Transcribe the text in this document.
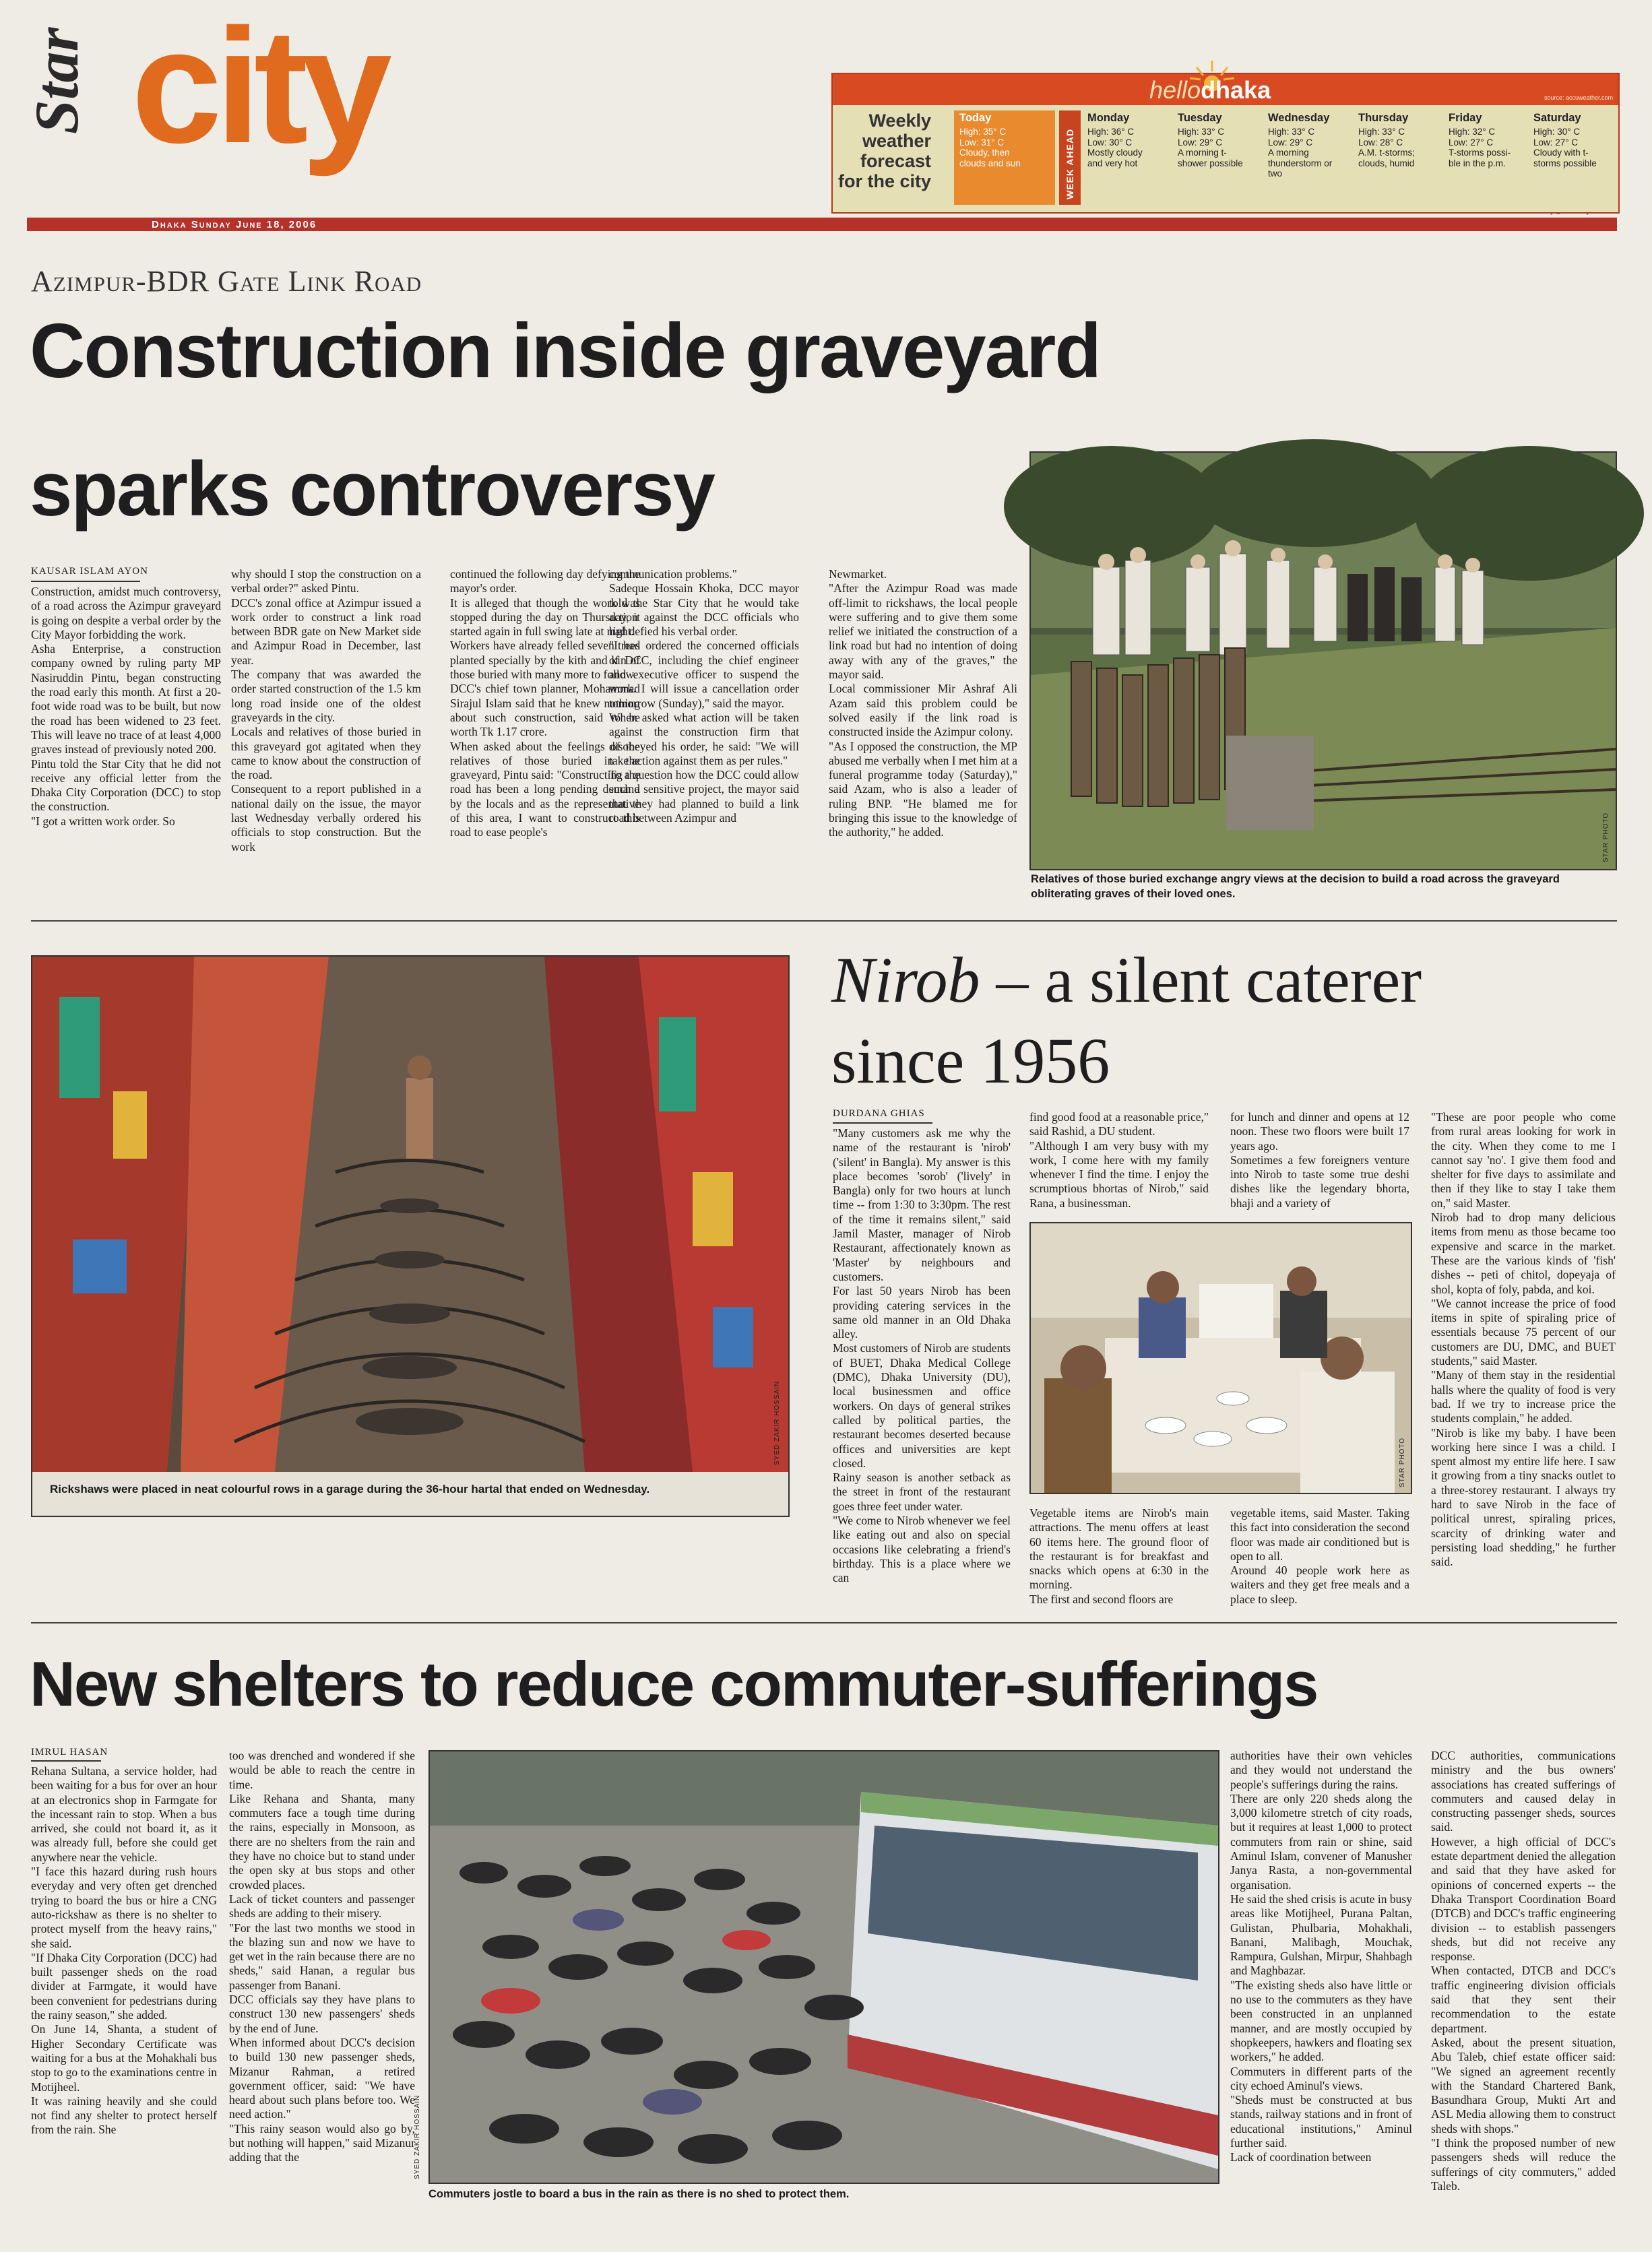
Star city
Dhaka Sunday June 18, 2006
hellodhaka	source: accuweather.com
Weekly weather forecast for the city
Today
High: 35° C
Low: 31° C
Cloudy, then
clouds and sun	WEEK AHEAD
Monday
High: 36° C
Low: 30° C
Mostly cloudy
and very hot
Tuesday
High: 33° C
Low: 29° C
A morning t-
shower possible
Wednesday
High: 33° C
Low: 29° C
A morning
thunderstorm or
two
Thursday
High: 33° C
Low: 28° C
A.M. t-storms;
clouds, humid
Friday
High: 32° C
Low: 27° C
T-storms possi-
ble in the p.m.
Saturday
High: 30° C
Low: 27° C
Cloudy with t-
storms possible
Azimpur-BDR Gate Link Road
Construction inside graveyard
sparks controversy
KAUSAR ISLAM AYON
Construction, amidst much controversy, of a road across the Azimpur graveyard is going on despite a verbal order by the City Mayor forbidding the work.
Asha Enterprise, a construction company owned by ruling party MP Nasiruddin Pintu, began constructing the road early this month. At first a 20-foot wide road was to be built, but now the road has been widened to 23 feet. This will leave no trace of at least 4,000 graves instead of previously noted 200.
Pintu told the Star City that he did not receive any official letter from the Dhaka City Corporation (DCC) to stop the construction.
"I got a written work order. So
why should I stop the construction on a verbal order?" asked Pintu.
DCC's zonal office at Azimpur issued a work order to construct a link road between BDR gate on New Market side and Azimpur Road in December, last year.
The company that was awarded the order started construction of the 1.5 km long road inside one of the oldest graveyards in the city.
Locals and relatives of those buried in this graveyard got agitated when they came to know about the construction of the road.
Consequent to a report published in a national daily on the issue, the mayor last Wednesday verbally ordered his officials to stop construction. But the work
continued the following day defying the mayor's order.
It is alleged that though the work was stopped during the day on Thursday, it started again in full swing late at night.
Workers have already felled seven trees planted specially by the kith and kin of those buried with many more to follow.
DCC's chief town planner, Mohammad Sirajul Islam said that he knew nothing about such construction, said to be worth Tk 1.17 crore.
When asked about the feelings of the relatives of those buried in the graveyard, Pintu said: "Constructing the road has been a long pending demand by the locals and as the representative of this area, I want to construct this road to ease people's
communication problems."
Sadeque Hossain Khoka, DCC mayor told the Star City that he would take action against the DCC officials who had defied his verbal order.
"I had ordered the concerned officials of DCC, including the chief engineer and executive officer to suspend the work. I will issue a cancellation order tomorrow (Sunday)," said the mayor.
When asked what action will be taken against the construction firm that disobeyed his order, he said: "We will take action against them as per rules."
To a question how the DCC could allow such a sensitive project, the mayor said that they had planned to build a link road between Azimpur and
Newmarket.
"After the Azimpur Road was made off-limit to rickshaws, the local people were suffering and to give them some relief we initiated the construction of a link road but had no intention of doing away with any of the graves," the mayor said.
Local commissioner Mir Ashraf Ali Azam said this problem could be solved easily if the link road is constructed inside the Azimpur colony.
"As I opposed the construction, the MP abused me verbally when I met him at a funeral programme today (Saturday)," said Azam, who is also a leader of ruling BNP. "He blamed me for bringing this issue to the knowledge of the authority," he added.	STAR PHOTO
Relatives of those buried exchange angry views at the decision to build a road across the graveyard obliterating graves of their loved ones.
SYED ZAKIR HOSSAIN
Rickshaws were placed in neat colourful rows in a garage during the 36-hour hartal that ended on Wednesday.
Nirob – a silent caterer
since 1956
DURDANA GHIAS
"Many customers ask me why the name of the restaurant is 'nirob' ('silent' in Bangla). My answer is this place becomes 'sorob' ('lively' in Bangla) only for two hours at lunch time -- from 1:30 to 3:30pm. The rest of the time it remains silent," said Jamil Master, manager of Nirob Restaurant, affectionately known as 'Master' by neighbours and customers.
For last 50 years Nirob has been providing catering services in the same old manner in an Old Dhaka alley.
Most customers of Nirob are students of BUET, Dhaka Medical College (DMC), Dhaka University (DU), local businessmen and office workers. On days of general strikes called by political parties, the restaurant becomes deserted because offices and universities are kept closed.
Rainy season is another setback as the street in front of the restaurant goes three feet under water.
"We come to Nirob whenever we feel like eating out and also on special occasions like celebrating a friend's birthday. This is a place where we can
find good food at a reasonable price," said Rashid, a DU student.
"Although I am very busy with my work, I come here with my family whenever I find the time. I enjoy the scrumptious bhortas of Nirob," said Rana, a businessman.
for lunch and dinner and opens at 12 noon. These two floors were built 17 years ago.
Sometimes a few foreigners venture into Nirob to taste some true deshi dishes like the legendary bhorta, bhaji and a variety of
STAR PHOTO
Vegetable items are Nirob's main attractions. The menu offers at least 60 items here. The ground floor of the restaurant is for breakfast and snacks which opens at 6:30 in the morning.
The first and second floors are
vegetable items, said Master. Taking this fact into consideration the second floor was made air conditioned but is open to all.
Around 40 people work here as waiters and they get free meals and a place to sleep.
"These are poor people who come from rural areas looking for work in the city. When they come to me I cannot say 'no'. I give them food and shelter for five days to assimilate and then if they like to stay I take them on," said Master.
Nirob had to drop many delicious items from menu as those became too expensive and scarce in the market. These are the various kinds of 'fish' dishes -- peti of chitol, dopeyaja of shol, kopta of foly, pabda, and koi.
"We cannot increase the price of food items in spite of spiraling price of essentials because 75 percent of our customers are DU, DMC, and BUET students," said Master.
"Many of them stay in the residential halls where the quality of food is very bad. If we try to increase price the students complain," he added.
"Nirob is like my baby. I have been working here since I was a child. I spent almost my entire life here. I saw it growing from a tiny snacks outlet to a three-storey restaurant. I always try hard to save Nirob in the face of political unrest, spiraling prices, scarcity of drinking water and persisting load shedding," he further said.
New shelters to reduce commuter-sufferings
IMRUL HASAN
Rehana Sultana, a service holder, had been waiting for a bus for over an hour at an electronics shop in Farmgate for the incessant rain to stop. When a bus arrived, she could not board it, as it was already full, before she could get anywhere near the vehicle.
"I face this hazard during rush hours everyday and very often get drenched trying to board the bus or hire a CNG auto-rickshaw as there is no shelter to protect myself from the heavy rains," she said.
"If Dhaka City Corporation (DCC) had built passenger sheds on the road divider at Farmgate, it would have been convenient for pedestrians during the rainy season," she added.
On June 14, Shanta, a student of Higher Secondary Certificate was waiting for a bus at the Mohakhali bus stop to go to the examinations centre in Motijheel.
It was raining heavily and she could not find any shelter to protect herself from the rain. She
too was drenched and wondered if she would be able to reach the centre in time.
Like Rehana and Shanta, many commuters face a tough time during the rains, especially in Monsoon, as there are no shelters from the rain and they have no choice but to stand under the open sky at bus stops and other crowded places.
Lack of ticket counters and passenger sheds are adding to their misery.
"For the last two months we stood in the blazing sun and now we have to get wet in the rain because there are no sheds," said Hanan, a regular bus passenger from Banani.
DCC officials say they have plans to construct 130 new passengers' sheds by the end of June.
When informed about DCC's decision to build 130 new passenger sheds, Mizanur Rahman, a retired government officer, said: "We have heard about such plans before too. We need action."
"This rainy season would also go by, but nothing will happen," said Mizanur adding that the	SYED ZAKIR HOSSAIN
Commuters jostle to board a bus in the rain as there is no shed to protect them.
authorities have their own vehicles and they would not understand the people's sufferings during the rains.
There are only 220 sheds along the 3,000 kilometre stretch of city roads, but it requires at least 1,000 to protect commuters from rain or shine, said Aminul Islam, convener of Manusher Janya Rasta, a non-governmental organisation.
He said the shed crisis is acute in busy areas like Motijheel, Purana Paltan, Gulistan, Phulbaria, Mohakhali, Banani, Malibagh, Mouchak, Rampura, Gulshan, Mirpur, Shahbagh and Maghbazar.
"The existing sheds also have little or no use to the commuters as they have been constructed in an unplanned manner, and are mostly occupied by shopkeepers, hawkers and floating sex workers," he added.
Commuters in different parts of the city echoed Aminul's views.
"Sheds must be constructed at bus stands, railway stations and in front of educational institutions," Aminul further said.
Lack of coordination between
DCC authorities, communications ministry and the bus owners' associations has created sufferings of commuters and caused delay in constructing passenger sheds, sources said.
However, a high official of DCC's estate department denied the allegation and said that they have asked for opinions of concerned experts -- the Dhaka Transport Coordination Board (DTCB) and DCC's traffic engineering division -- to establish passengers sheds, but did not receive any response.
When contacted, DTCB and DCC's traffic engineering division officials said that they sent their recommendation to the estate department.
Asked, about the present situation, Abu Taleb, chief estate officer said: "We signed an agreement recently with the Standard Chartered Bank, Basundhara Group, Mukti Art and ASL Media allowing them to construct sheds with shops."
"I think the proposed number of new passengers sheds will reduce the sufferings of city commuters," added Taleb.
